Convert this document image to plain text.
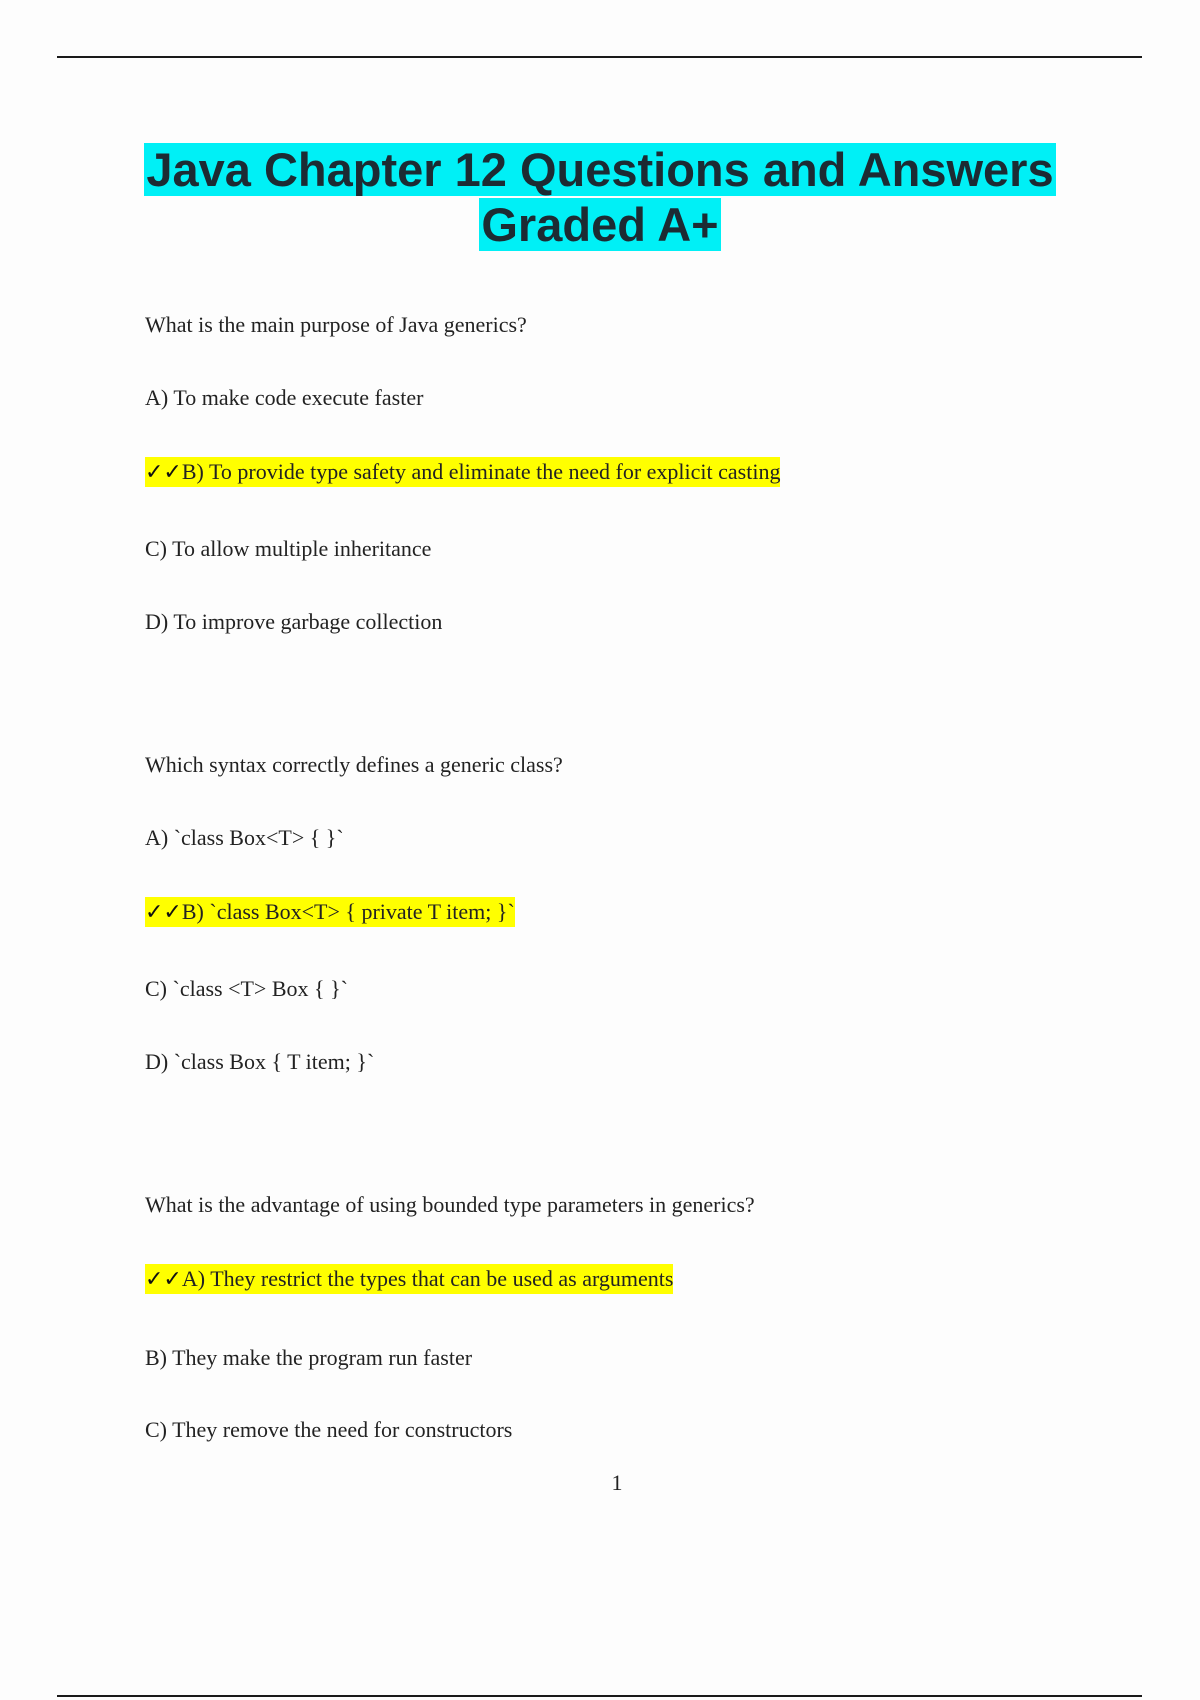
Java Chapter 12 Questions and Answers
Graded A+

What is the main purpose of Java generics?

A) To make code execute faster

✓✓B) To provide type safety and eliminate the need for explicit casting

C) To allow multiple inheritance

D) To improve garbage collection

Which syntax correctly defines a generic class?

A) `class Box<T> { }`

✓✓B) `class Box<T> { private T item; }`

C) `class <T> Box { }`

D) `class Box { T item; }`

What is the advantage of using bounded type parameters in generics?

✓✓A) They restrict the types that can be used as arguments

B) They make the program run faster

C) They remove the need for constructors

1
